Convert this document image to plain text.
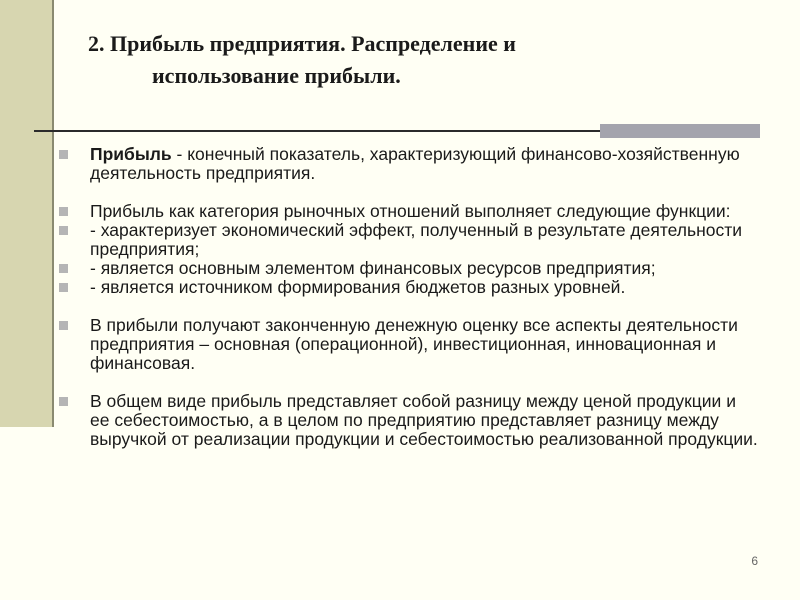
2. Прибыль предприятия. Распределение и
использование прибыли.
Прибыль - конечный показатель, характеризующий финансово-хозяйственную деятельность предприятия.
Прибыль как категория рыночных отношений выполняет следующие функции:
- характеризует экономический эффект, полученный в результате деятельности предприятия;
- является основным элементом финансовых ресурсов предприятия;
- является источником формирования бюджетов разных уровней.
В прибыли получают законченную денежную оценку все аспекты деятельности предприятия – основная (операционной), инвестиционная, инновационная и финансовая.
В общем виде прибыль представляет собой разницу между ценой продукции и ее себестоимостью, а в целом по предприятию представляет разницу между выручкой от реализации продукции и себестоимостью реализованной продукции.
6
